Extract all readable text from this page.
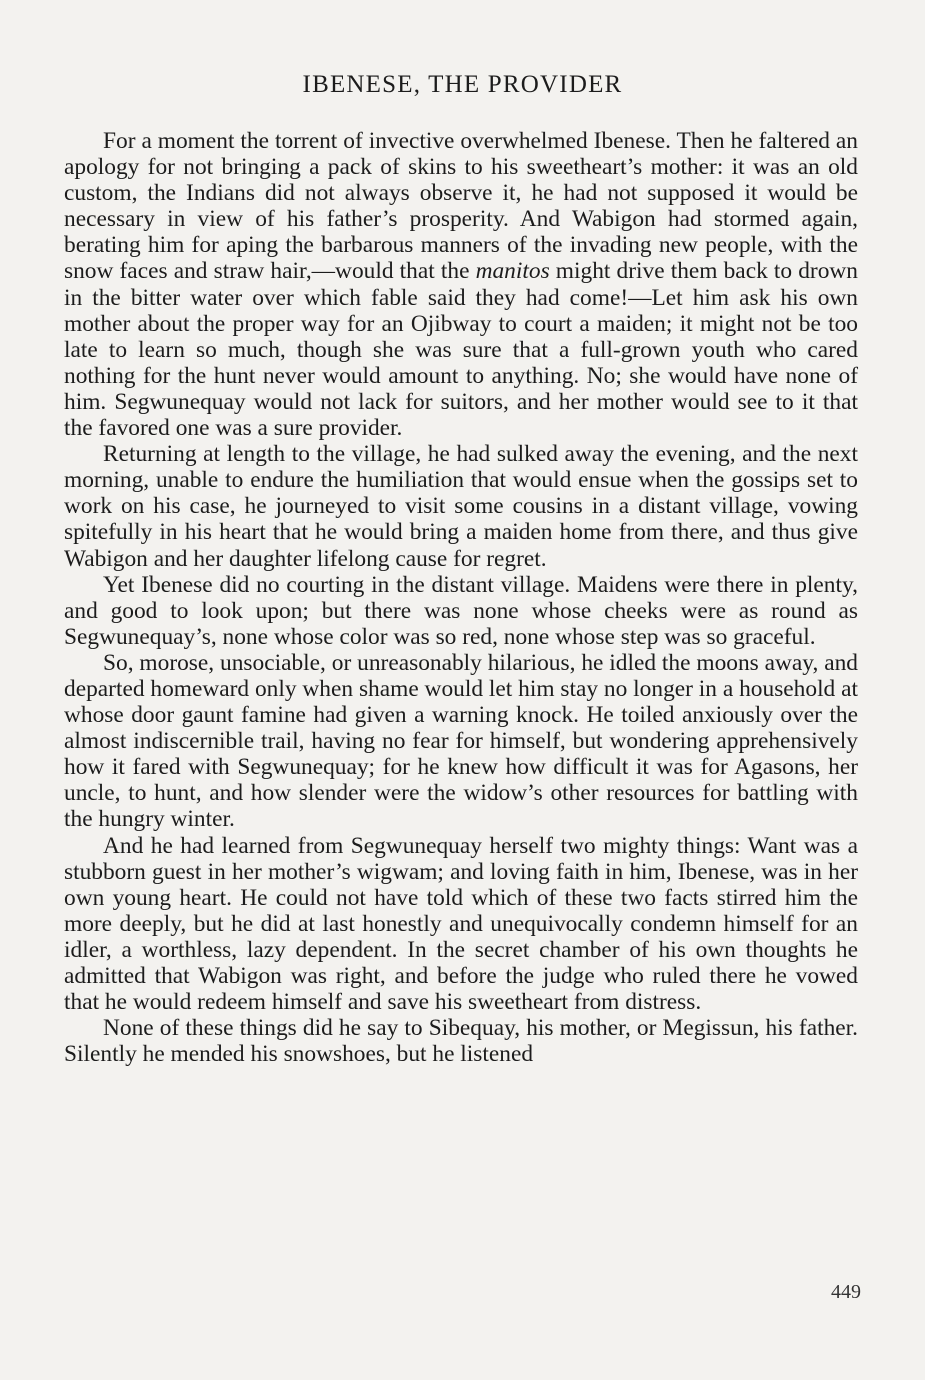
IBENESE, THE PROVIDER

For a moment the torrent of invective overwhelmed Ibenese. Then he faltered an apology for not bringing a pack of skins to his sweetheart’s mother: it was an old custom, the Indians did not always observe it, he had not supposed it would be necessary in view of his father’s prosperity. And Wabigon had stormed again, berating him for aping the barbarous manners of the invading new people, with the snow faces and straw hair,—would that the manitos might drive them back to drown in the bitter water over which fable said they had come!—Let him ask his own mother about the proper way for an Ojibway to court a maiden; it might not be too late to learn so much, though she was sure that a full-grown youth who cared nothing for the hunt never would amount to anything. No; she would have none of him. Segwunequay would not lack for suitors, and her mother would see to it that the favored one was a sure provider.

Returning at length to the village, he had sulked away the evening, and the next morning, unable to endure the humiliation that would ensue when the gossips set to work on his case, he journeyed to visit some cousins in a distant village, vowing spitefully in his heart that he would bring a maiden home from there, and thus give Wabigon and her daughter lifelong cause for regret.

Yet Ibenese did no courting in the distant village. Maidens were there in plenty, and good to look upon; but there was none whose cheeks were as round as Segwunequay’s, none whose color was so red, none whose step was so graceful.

So, morose, unsociable, or unreasonably hilarious, he idled the moons away, and departed homeward only when shame would let him stay no longer in a household at whose door gaunt famine had given a warning knock. He toiled anxiously over the almost indiscernible trail, having no fear for himself, but wondering apprehensively how it fared with Segwunequay; for he knew how difficult it was for Agasons, her uncle, to hunt, and how slender were the widow’s other resources for battling with the hungry winter.

And he had learned from Segwunequay herself two mighty things: Want was a stubborn guest in her mother’s wigwam; and loving faith in him, Ibenese, was in her own young heart. He could not have told which of these two facts stirred him the more deeply, but he did at last honestly and unequivocally condemn himself for an idler, a worthless, lazy dependent. In the secret chamber of his own thoughts he admitted that Wabigon was right, and before the judge who ruled there he vowed that he would redeem himself and save his sweetheart from distress.

None of these things did he say to Sibequay, his mother, or Megissun, his father. Silently he mended his snowshoes, but he listened

449
